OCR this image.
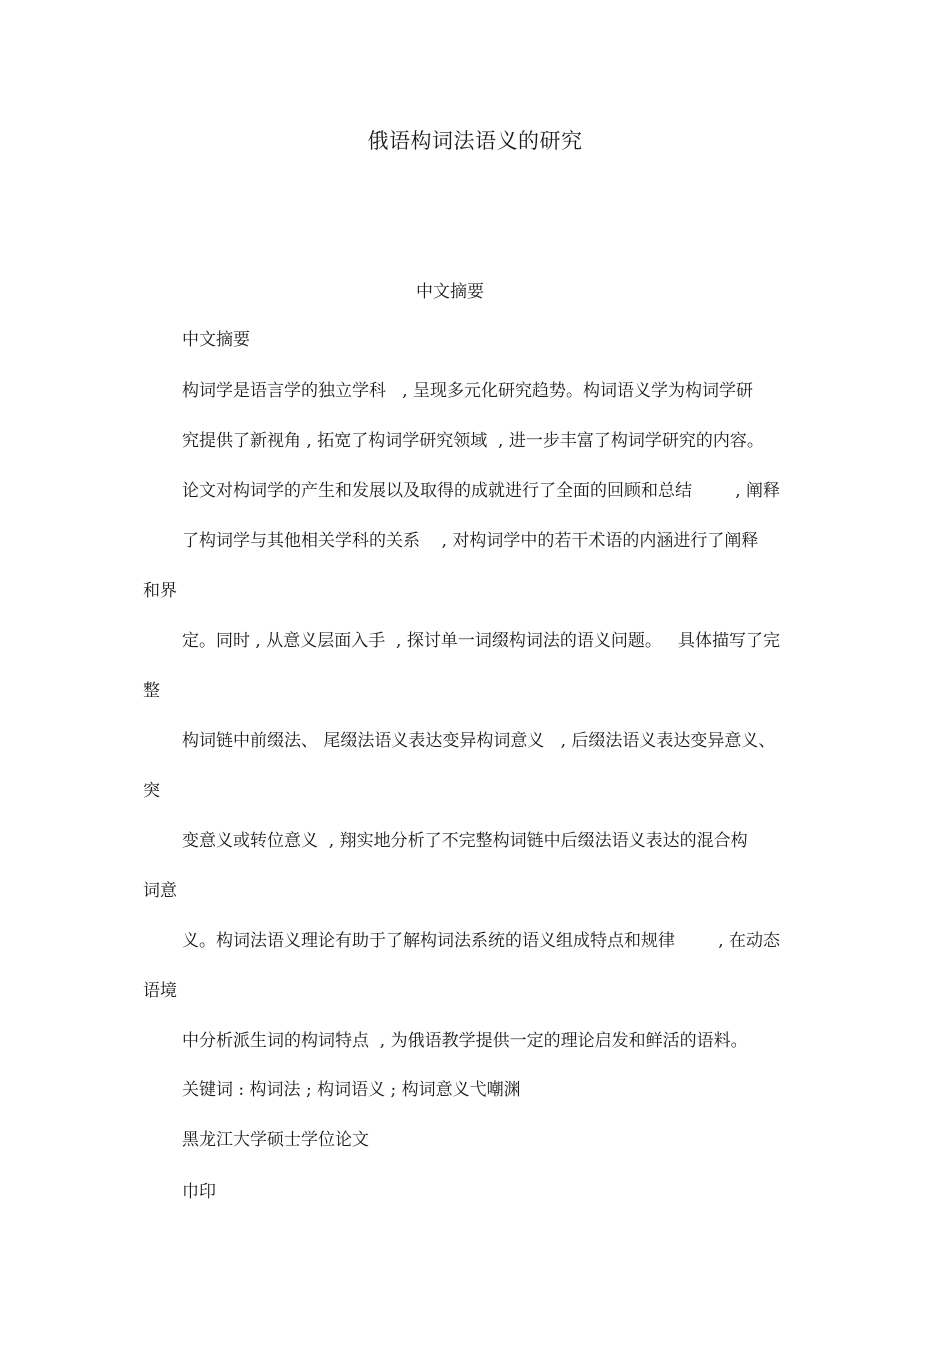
俄语构词法语义的研究
中文摘要
中文摘要
构词学是语言学的独立学科   , 呈现多元化研究趋势。构词语义学为构词学研
究提供了新视角 , 拓宽了构词学研究领域  , 进一步丰富了构词学研究的内容。
论文对构词学的产生和发展以及取得的成就进行了全面的回顾和总结        , 阐释
了构词学与其他相关学科的关系    , 对构词学中的若干术语的内涵进行了阐释
和界
定。同时 , 从意义层面入手  , 探讨单一词缀构词法的语义问题。   具体描写了完
整
构词链中前缀法、 尾缀法语义表达变异构词意义   , 后缀法语义表达变异意义、
突
变意义或转位意义  , 翔实地分析了不完整构词链中后缀法语义表达的混合构
词意
义。构词法语义理论有助于了解构词法系统的语义组成特点和规律        , 在动态
语境
中分析派生词的构词特点  , 为俄语教学提供一定的理论启发和鲜活的语料。
关键词 : 构词法 ; 构词语义 ; 构词意义弋嘲渊
黑龙江大学硕士学位论文
巾印
